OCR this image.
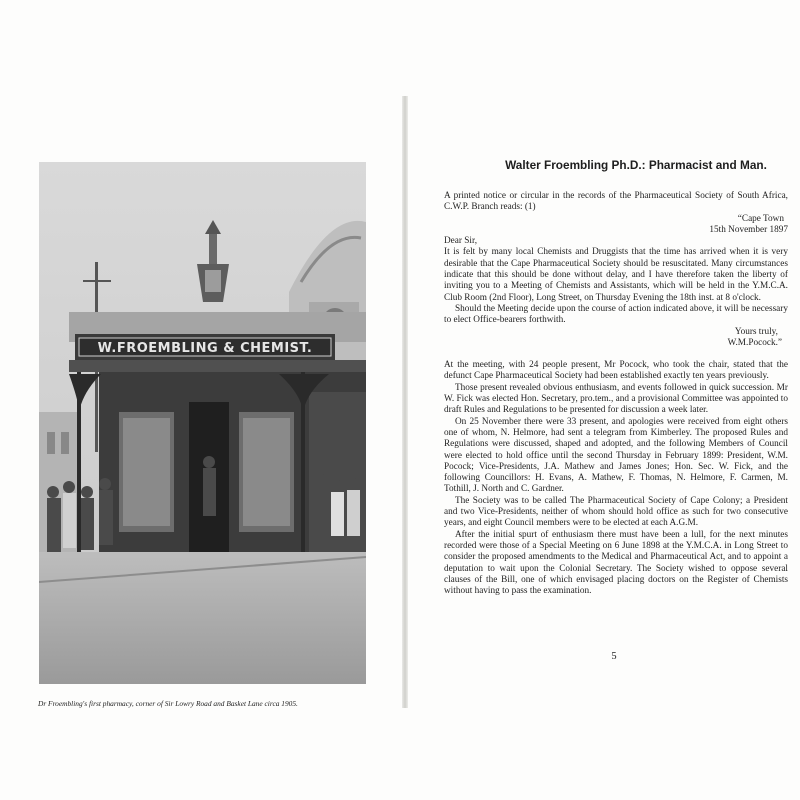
W.FROEMBLING & CHEMIST.
Dr Froembling's first pharmacy, corner of Sir Lowry Road and Basket Lane circa 1905.
Walter Froembling Ph.D.: Pharmacist and Man.

A printed notice or circular in the records of the Pharmaceutical Society of South Africa, C.W.P. Branch reads: (1)

“Cape Town

15th November 1897

Dear Sir,

It is felt by many local Chemists and Druggists that the time has arrived when it is very desirable that the Cape Pharmaceutical Society should be resuscitated. Many circumstances indicate that this should be done without delay, and I have therefore taken the liberty of inviting you to a Meeting of Chemists and Assistants, which will be held in the Y.M.C.A. Club Room (2nd Floor), Long Street, on Thursday Evening the 18th inst. at 8 o'clock.

Should the Meeting decide upon the course of action indicated above, it will be necessary to elect Office-bearers forthwith.

Yours truly,

W.M.Pocock.”

At the meeting, with 24 people present, Mr Pocock, who took the chair, stated that the defunct Cape Pharmaceutical Society had been established exactly ten years previously.

Those present revealed obvious enthusiasm, and events followed in quick succession. Mr W. Fick was elected Hon. Secretary, pro.tem., and a provisional Committee was appointed to draft Rules and Regulations to be presented for discussion a week later.

On 25 November there were 33 present, and apologies were received from eight others one of whom, N. Helmore, had sent a telegram from Kimberley. The proposed Rules and Regulations were discussed, shaped and adopted, and the following Members of Council were elected to hold office until the second Thursday in February 1899: President, W.M. Pocock; Vice-Presidents, J.A. Mathew and James Jones; Hon. Sec. W. Fick, and the following Councillors: H. Evans, A. Mathew, F. Thomas, N. Helmore, F. Carmen, M. Tothill, J. North and C. Gardner.

The Society was to be called The Pharmaceutical Society of Cape Colony; a President and two Vice-Presidents, neither of whom should hold office as such for two consecutive years, and eight Council members were to be elected at each A.G.M.

After the initial spurt of enthusiasm there must have been a lull, for the next minutes recorded were those of a Special Meeting on 6 June 1898 at the Y.M.C.A. in Long Street to consider the proposed amendments to the Medical and Pharmaceutical Act, and to appoint a deputation to wait upon the Colonial Secretary. The Society wished to oppose several clauses of the Bill, one of which envisaged placing doctors on the Register of Chemists without having to pass the examination.

5
